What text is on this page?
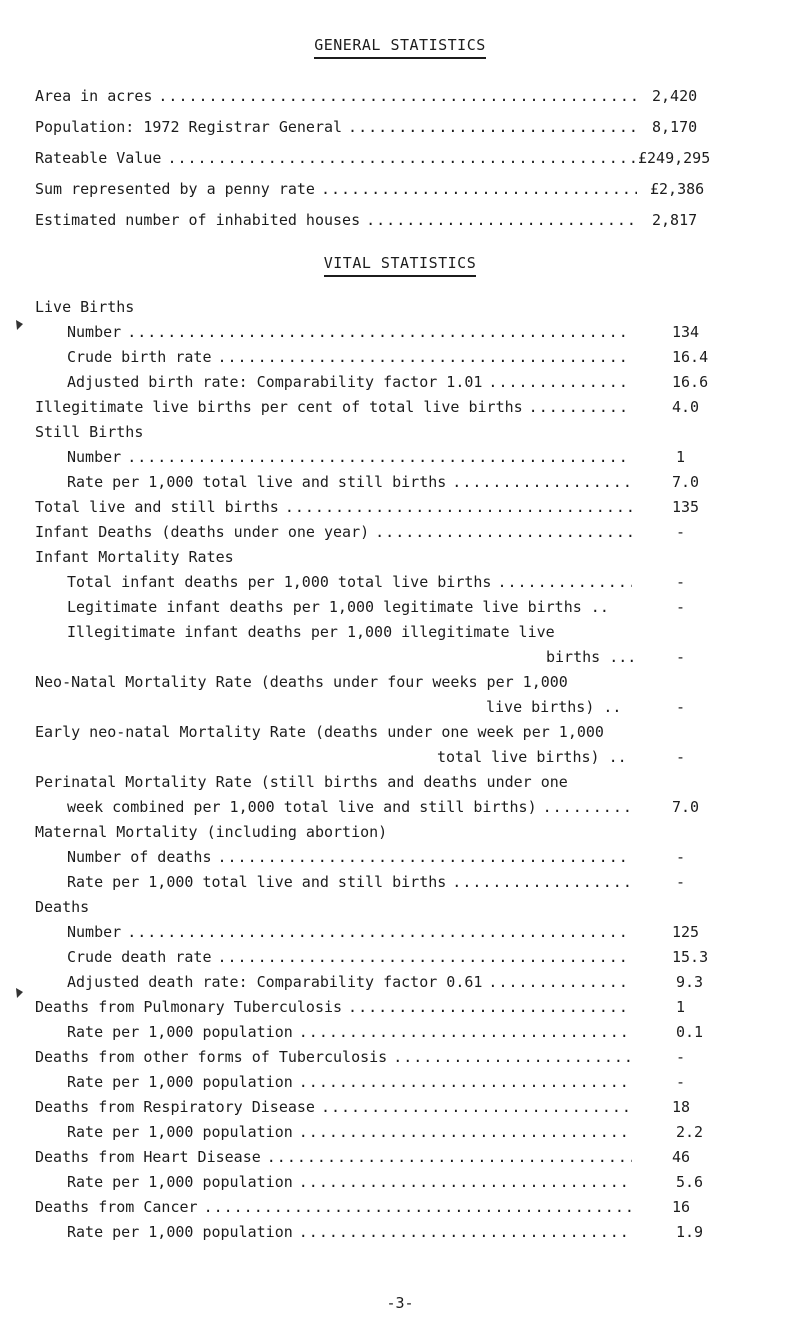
GENERAL STATISTICS
Area in acres .....	2,420
Population: 1972 Registrar General .....	8,170
Rateable Value .....	£249,295
Sum represented by a penny rate .....	£2,386
Estimated number of inhabited houses .....	2,817
VITAL STATISTICS
Live Births
Number .....	134
Crude birth rate .....	16.4
Adjusted birth rate: Comparability factor 1.01 .....	16.6
Illegitimate live births per cent of total live births .....	4.0
Still Births
Number .....	1
Rate per 1,000 total live and still births .....	7.0
Total live and still births .....	135
Infant Deaths (deaths under one year) .....	-
Infant Mortality Rates
Total infant deaths per 1,000 total live births .....	-
Legitimate infant deaths per 1,000 legitimate live births ..	-
Illegitimate infant deaths per 1,000 illegitimate live
births ...	-
Neo-Natal Mortality Rate (deaths under four weeks per 1,000
live births) ..	-
Early neo-natal Mortality Rate (deaths under one week per 1,000
total live births) ..	-
Perinatal Mortality Rate (still births and deaths under one
week combined per 1,000 total live and still births) .....	7.0
Maternal Mortality (including abortion)
Number of deaths .....	-
Rate per 1,000 total live and still births .....	-
Deaths
Number .....	125
Crude death rate .....	15.3
Adjusted death rate: Comparability factor 0.61 .....	9.3
Deaths from Pulmonary Tuberculosis .....	1
Rate per 1,000 population .....	0.1
Deaths from other forms of Tuberculosis .....	-
Rate per 1,000 population .....	-
Deaths from Respiratory Disease .....	18
Rate per 1,000 population .....	2.2
Deaths from Heart Disease .....	46
Rate per 1,000 population .....	5.6
Deaths from Cancer .....	16
Rate per 1,000 population .....	1.9
-3-
